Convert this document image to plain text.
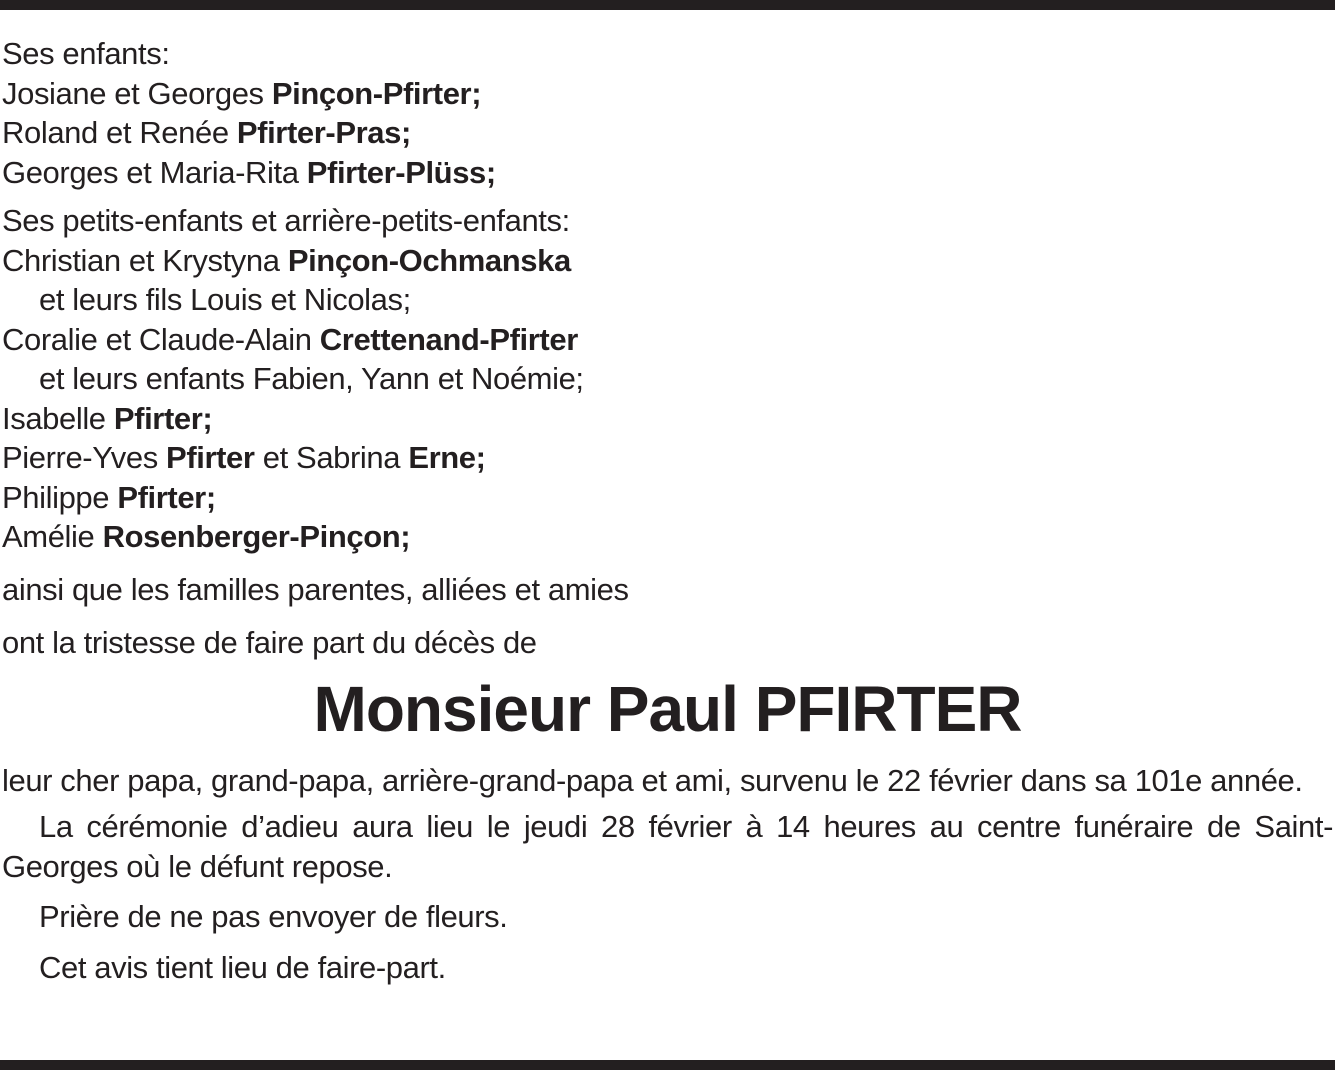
Ses enfants:
Josiane et Georges Pinçon-Pfirter;
Roland et Renée Pfirter-Pras;
Georges et Maria-Rita Pfirter-Plüss;
Ses petits-enfants et arrière-petits-enfants:
Christian et Krystyna Pinçon-Ochmanska
et leurs fils Louis et Nicolas;
Coralie et Claude-Alain Crettenand-Pfirter
et leurs enfants Fabien, Yann et Noémie;
Isabelle Pfirter;
Pierre-Yves Pfirter et Sabrina Erne;
Philippe Pfirter;
Amélie Rosenberger-Pinçon;
ainsi que les familles parentes, alliées et amies
ont la tristesse de faire part du décès de
Monsieur Paul PFIRTER
leur cher papa, grand-papa, arrière-grand-papa et ami, survenu le 22 février dans sa 101e année.
La cérémonie d’adieu aura lieu le jeudi 28 février à 14 heures au centre funéraire de Saint-Georges où le défunt repose.
Prière de ne pas envoyer de fleurs.
Cet avis tient lieu de faire-part.
